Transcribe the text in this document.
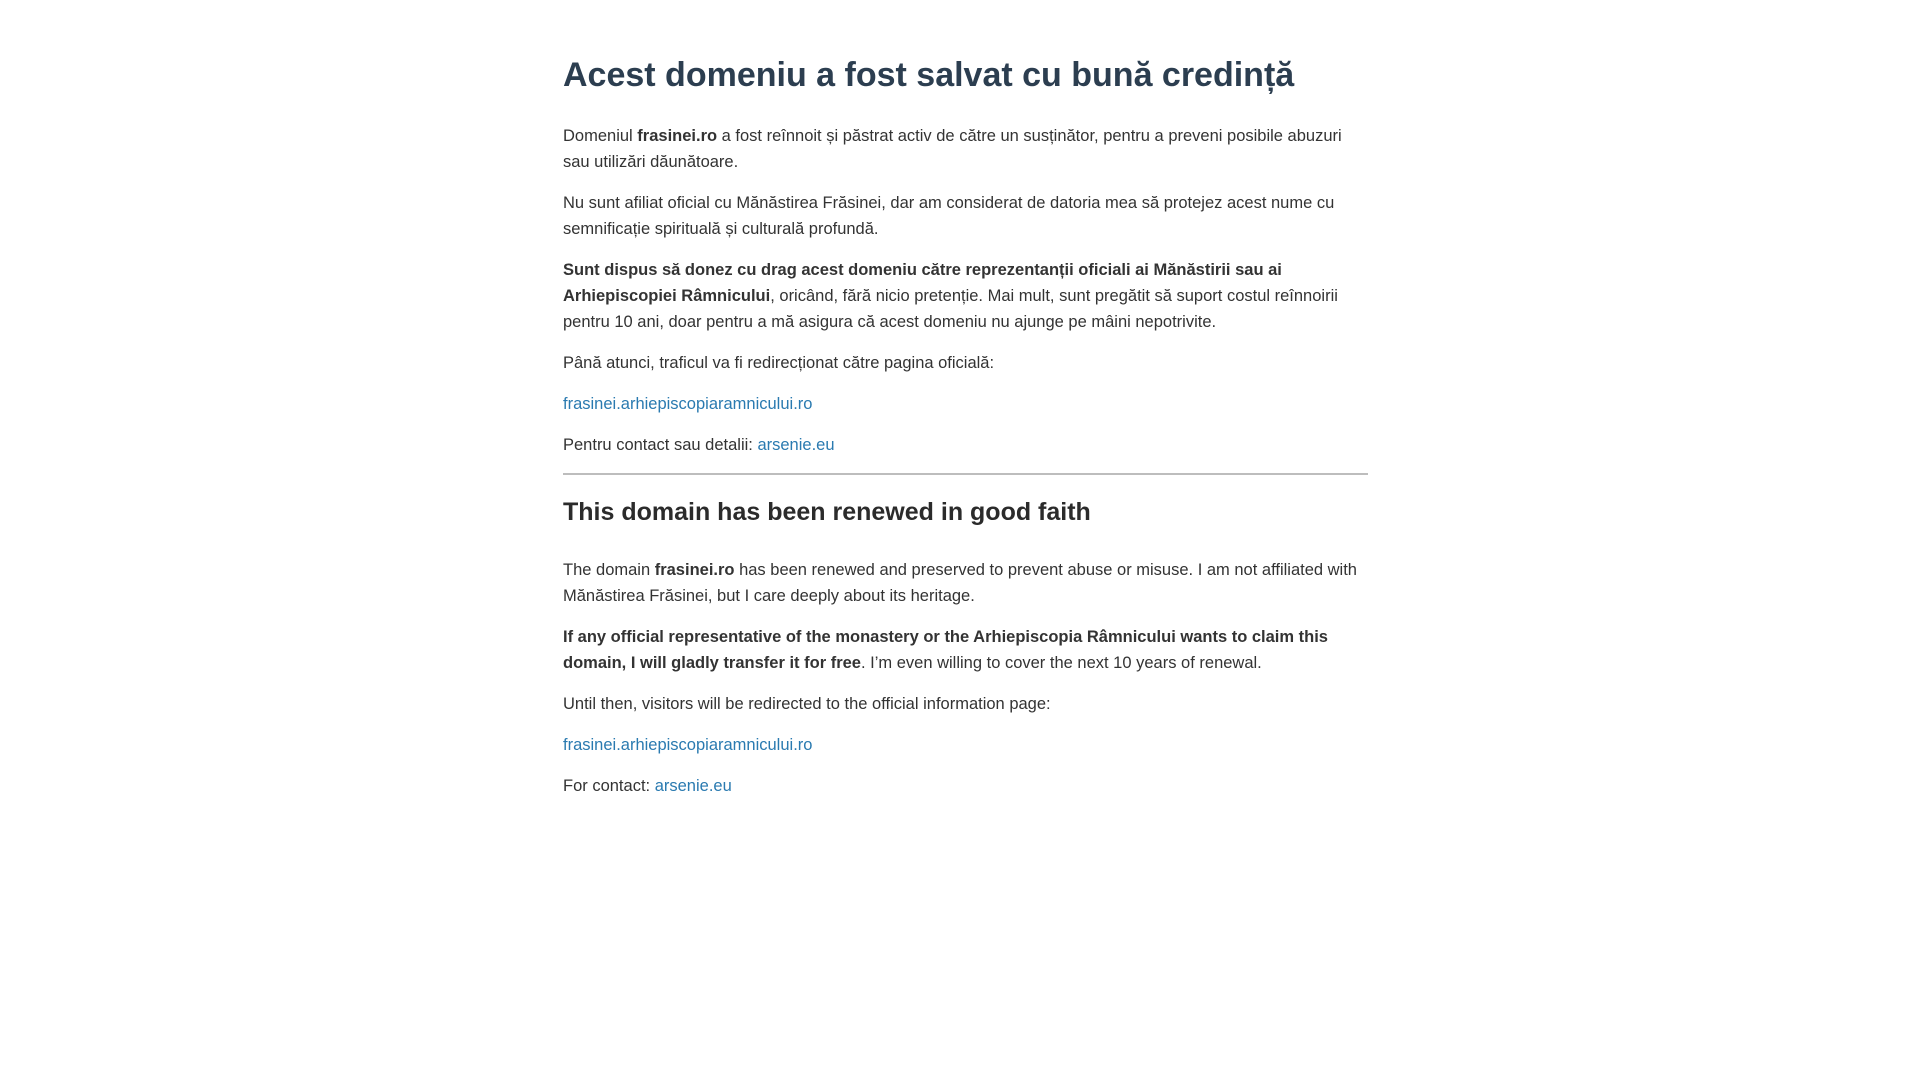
Acest domeniu a fost salvat cu bună credință

Domeniul frasinei.ro a fost reînnoit și păstrat activ de către un susținător, pentru a preveni posibile abuzuri sau utilizări dăunătoare.

Nu sunt afiliat oficial cu Mănăstirea Frăsinei, dar am considerat de datoria mea să protejez acest nume cu semnificație spirituală și culturală profundă.

Sunt dispus să donez cu drag acest domeniu către reprezentanții oficiali ai Mănăstirii sau ai Arhiepiscopiei Râmnicului, oricând, fără nicio pretenție. Mai mult, sunt pregătit să suport costul reînnoirii pentru 10 ani, doar pentru a mă asigura că acest domeniu nu ajunge pe mâini nepotrivite.

Până atunci, traficul va fi redirecționat către pagina oficială:

frasinei.arhiepiscopiaramnicului.ro

Pentru contact sau detalii: arsenie.eu

This domain has been renewed in good faith

The domain frasinei.ro has been renewed and preserved to prevent abuse or misuse. I am not affiliated with Mănăstirea Frăsinei, but I care deeply about its heritage.

If any official representative of the monastery or the Arhiepiscopia Râmnicului wants to claim this domain, I will gladly transfer it for free. I’m even willing to cover the next 10 years of renewal.

Until then, visitors will be redirected to the official information page:

frasinei.arhiepiscopiaramnicului.ro

For contact: arsenie.eu
